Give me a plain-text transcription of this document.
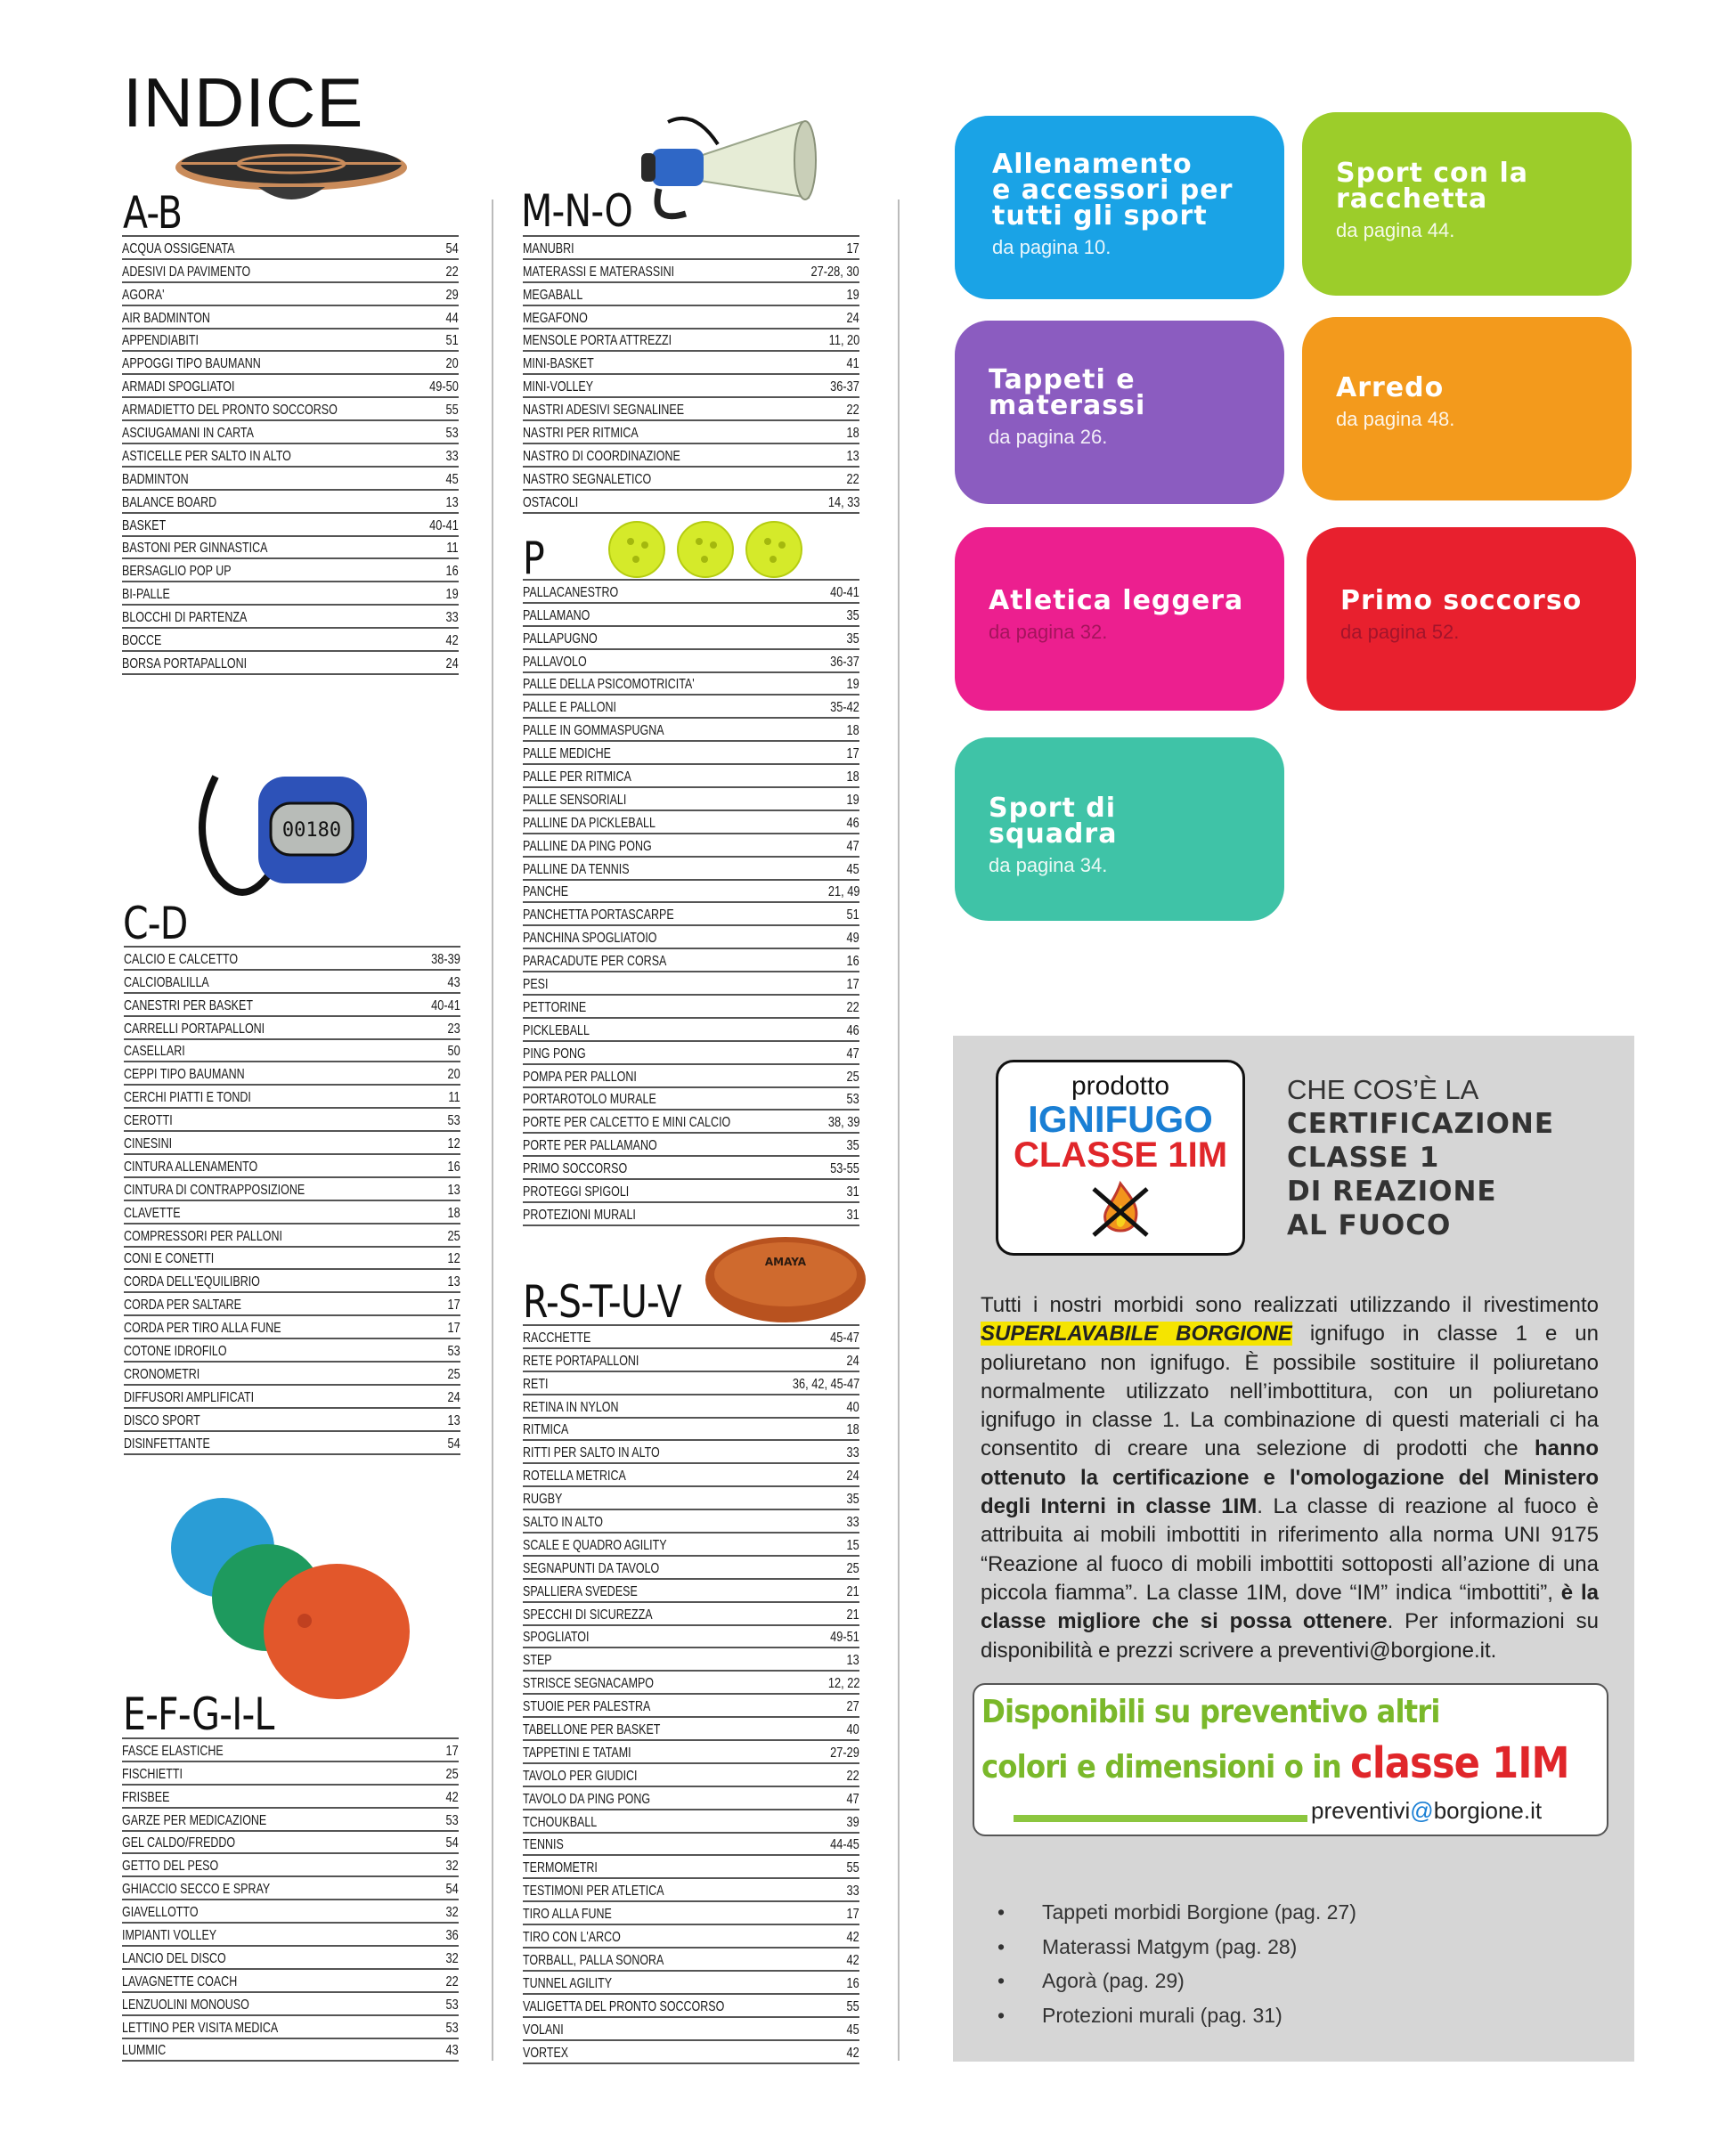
INDICE
A-B
ACQUA OSSIGENATA	54
ADESIVI DA PAVIMENTO	22
AGORA'	29
AIR BADMINTON	44
APPENDIABITI	51
APPOGGI TIPO BAUMANN	20
ARMADI SPOGLIATOI	49-50
ARMADIETTO DEL PRONTO SOCCORSO	55
ASCIUGAMANI IN CARTA	53
ASTICELLE PER SALTO IN ALTO	33
BADMINTON	45
BALANCE BOARD	13
BASKET	40-41
BASTONI PER GINNASTICA	11
BERSAGLIO POP UP	16
BI-PALLE	19
BLOCCHI DI PARTENZA	33
BOCCE	42
BORSA PORTAPALLONI	24
C-D
CALCIO E CALCETTO	38-39
CALCIOBALILLA	43
CANESTRI PER BASKET	40-41
CARRELLI PORTAPALLONI	23
CASELLARI	50
CEPPI TIPO BAUMANN	20
CERCHI PIATTI E TONDI	11
CEROTTI	53
CINESINI	12
CINTURA ALLENAMENTO	16
CINTURA DI CONTRAPPOSIZIONE	13
CLAVETTE	18
COMPRESSORI PER PALLONI	25
CONI E CONETTI	12
CORDA DELL'EQUILIBRIO	13
CORDA PER SALTARE	17
CORDA PER TIRO ALLA FUNE	17
COTONE IDROFILO	53
CRONOMETRI	25
DIFFUSORI AMPLIFICATI	24
DISCO SPORT	13
DISINFETTANTE	54
E-F-G-I-L
FASCE ELASTICHE	17
FISCHIETTI	25
FRISBEE	42
GARZE PER MEDICAZIONE	53
GEL CALDO/FREDDO	54
GETTO DEL PESO	32
GHIACCIO SECCO E SPRAY	54
GIAVELLOTTO	32
IMPIANTI VOLLEY	36
LANCIO DEL DISCO	32
LAVAGNETTE COACH	22
LENZUOLINI MONOUSO	53
LETTINO PER VISITA MEDICA	53
LUMMIC	43
M-N-O
MANUBRI	17
MATERASSI E MATERASSINI	27-28, 30
MEGABALL	19
MEGAFONO	24
MENSOLE PORTA ATTREZZI	11, 20
MINI-BASKET	41
MINI-VOLLEY	36-37
NASTRI ADESIVI SEGNALINEE	22
NASTRI PER RITMICA	18
NASTRO DI COORDINAZIONE	13
NASTRO SEGNALETICO	22
OSTACOLI	14, 33
P
PALLACANESTRO	40-41
PALLAMANO	35
PALLAPUGNO	35
PALLAVOLO	36-37
PALLE DELLA PSICOMOTRICITA'	19
PALLE E PALLONI	35-42
PALLE IN GOMMASPUGNA	18
PALLE MEDICHE	17
PALLE PER RITMICA	18
PALLE SENSORIALI	19
PALLINE DA PICKLEBALL	46
PALLINE DA PING PONG	47
PALLINE DA TENNIS	45
PANCHE	21, 49
PANCHETTA PORTASCARPE	51
PANCHINA SPOGLIATOIO	49
PARACADUTE PER CORSA	16
PESI	17
PETTORINE	22
PICKLEBALL	46
PING PONG	47
POMPA PER PALLONI	25
PORTAROTOLO MURALE	53
PORTE PER CALCETTO E MINI CALCIO	38, 39
PORTE PER PALLAMANO	35
PRIMO SOCCORSO	53-55
PROTEGGI SPIGOLI	31
PROTEZIONI MURALI	31
R-S-T-U-V
RACCHETTE	45-47
RETE PORTAPALLONI	24
RETI	36, 42, 45-47
RETINA IN NYLON	40
RITMICA	18
RITTI PER SALTO IN ALTO	33
ROTELLA METRICA	24
RUGBY	35
SALTO IN ALTO	33
SCALE E QUADRO AGILITY	15
SEGNAPUNTI DA TAVOLO	25
SPALLIERA SVEDESE	21
SPECCHI DI SICUREZZA	21
SPOGLIATOI	49-51
STEP	13
STRISCE SEGNACAMPO	12, 22
STUOIE PER PALESTRA	27
TABELLONE PER BASKET	40
TAPPETINI E TATAMI	27-29
TAVOLO PER GIUDICI	22
TAVOLO DA PING PONG	47
TCHOUKBALL	39
TENNIS	44-45
TERMOMETRI	55
TESTIMONI PER ATLETICA	33
TIRO ALLA FUNE	17
TIRO CON L'ARCO	42
TORBALL, PALLA SONORA	42
TUNNEL AGILITY	16
VALIGETTA DEL PRONTO SOCCORSO	55
VOLANI	45
VORTEX	42
00180
AMAYA
Allenamento
e accessori per
tutti gli sport
da pagina 10.
Sport con la
racchetta
da pagina 44.
Tappeti e
materassi
da pagina 26.
Arredo
da pagina 48.
Atletica leggera
da pagina 32.
Primo soccorso
da pagina 52.
Sport di squadra
da pagina 34.
prodotto
IGNIFUGO
CLASSE 1IM
CHE COS’È LA
CERTIFICAZIONE
CLASSE 1
DI REAZIONE
AL FUOCO
Tutti i nostri morbidi sono realizzati utilizzando il rivestimento SUPERLAVABILE BORGIONE ignifugo in classe 1 e un poliuretano non ignifugo. È possibile sostituire il poliuretano normalmente utilizzato nell’imbottitura, con un poliuretano ignifugo in classe 1. La combinazione di questi materiali ci ha consentito di creare una selezione di prodotti che hanno ottenuto la certificazione e l'omologazione del Ministero degli Interni in classe 1IM. La classe di reazione al fuoco è attribuita ai mobili imbottiti in riferimento alla norma UNI 9175 “Reazione al fuoco di mobili imbottiti sottoposti all’azione di una piccola fiamma”. La classe 1IM, dove “IM” indica “imbottiti”, è la classe migliore che si possa ottenere. Per informazioni su disponibilità e prezzi scrivere a preventivi@borgione.it.
Disponibili su preventivo altri
colori e dimensioni o in classe 1IM
preventivi@borgione.it
•	Tappeti morbidi Borgione (pag. 27)
•	Materassi Matgym (pag. 28)
•	Agorà (pag. 29)
•	Protezioni murali (pag. 31)
